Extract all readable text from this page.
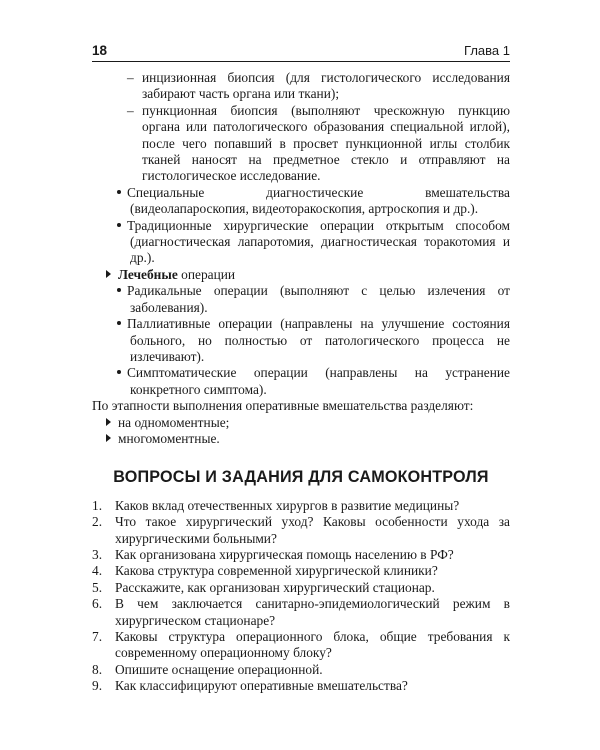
18	Глава 1
– инцизионная биопсия (для гистологического исследования забирают часть органа или ткани);
– пункционная биопсия (выполняют чрескожную пункцию органа или патологического образования специальной иглой), после чего попавший в просвет пункционной иглы столбик тканей наносят на предметное стекло и отправляют на гистологическое исследование.
Специальные диагностические вмешательства (видеолапароскопия, видеоторакоскопия, артроскопия и др.).
Традиционные хирургические операции открытым способом (диагностическая лапаротомия, диагностическая торакотомия и др.).
Лечебные операции
Радикальные операции (выполняют с целью излечения от заболевания).
Паллиативные операции (направлены на улучшение состояния больного, но полностью от патологического процесса не излечивают).
Симптоматические операции (направлены на устранение конкретного симптома).
По этапности выполнения оперативные вмешательства разделяют:
на одномоментные;
многомоментные.
ВОПРОСЫ И ЗАДАНИЯ ДЛЯ САМОКОНТРОЛЯ
1. Каков вклад отечественных хирургов в развитие медицины?
2. Что такое хирургический уход? Каковы особенности ухода за хирургическими больными?
3. Как организована хирургическая помощь населению в РФ?
4. Какова структура современной хирургической клиники?
5. Расскажите, как организован хирургический стационар.
6. В чем заключается санитарно-эпидемиологический режим в хирургическом стационаре?
7. Каковы структура операционного блока, общие требования к современному операционному блоку?
8. Опишите оснащение операционной.
9. Как классифицируют оперативные вмешательства?
